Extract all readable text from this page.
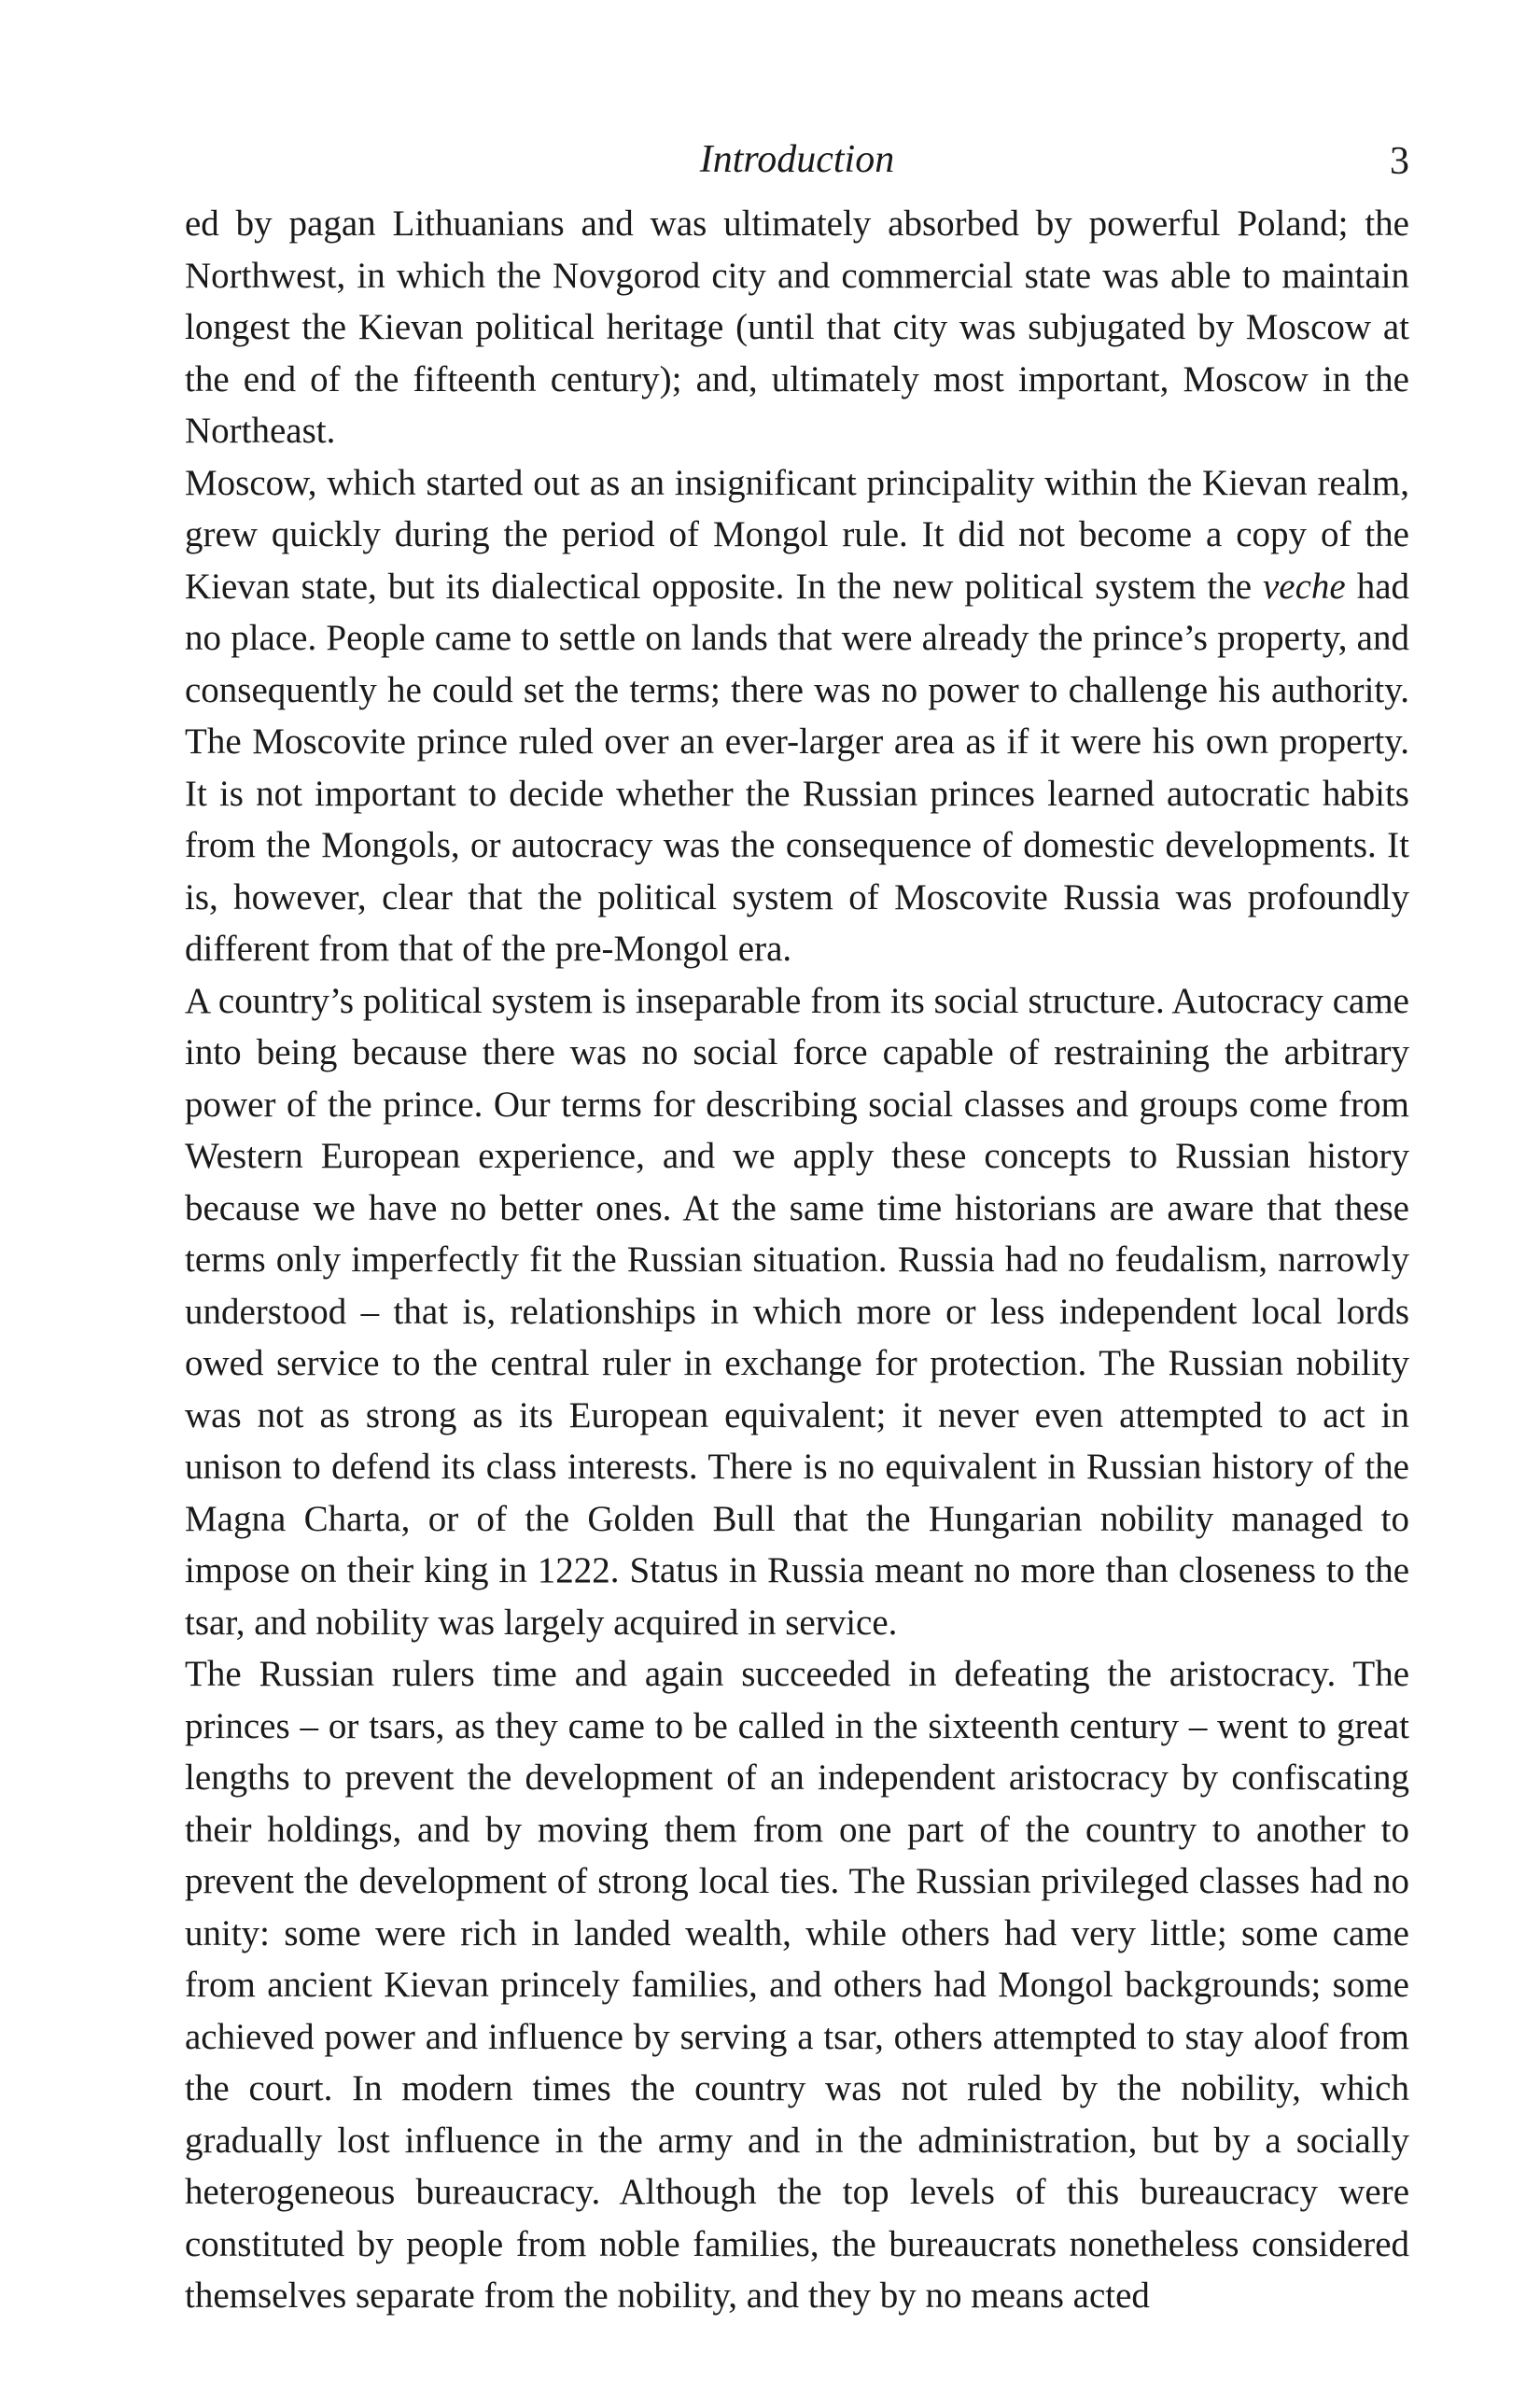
Introduction	3

ed by pagan Lithuanians and was ultimately absorbed by powerful Poland; the Northwest, in which the Novgorod city and commercial state was able to maintain longest the Kievan political heritage (until that city was subjugated by Moscow at the end of the fifteenth century); and, ultimately most important, Moscow in the Northeast.

Moscow, which started out as an insignificant principality within the Kievan realm, grew quickly during the period of Mongol rule. It did not become a copy of the Kievan state, but its dialectical opposite. In the new political system the veche had no place. People came to settle on lands that were already the prince’s property, and consequently he could set the terms; there was no power to challenge his authority. The Moscovite prince ruled over an ever-larger area as if it were his own property. It is not important to decide whether the Russian princes learned autocratic habits from the Mongols, or autocracy was the consequence of domestic developments. It is, however, clear that the political system of Moscovite Russia was profoundly different from that of the pre-Mongol era.

A country’s political system is inseparable from its social structure. Autocracy came into being because there was no social force capable of restraining the arbitrary power of the prince. Our terms for describing social classes and groups come from Western European experience, and we apply these concepts to Russian history because we have no better ones. At the same time historians are aware that these terms only imperfectly fit the Russian situation. Russia had no feudalism, narrowly understood – that is, relationships in which more or less independent local lords owed service to the central ruler in exchange for protection. The Russian nobility was not as strong as its European equivalent; it never even attempted to act in unison to defend its class interests. There is no equivalent in Russian history of the Magna Charta, or of the Golden Bull that the Hungarian nobility managed to impose on their king in 1222. Status in Russia meant no more than closeness to the tsar, and nobility was largely acquired in service.

The Russian rulers time and again succeeded in defeating the aristocracy. The princes – or tsars, as they came to be called in the sixteenth century – went to great lengths to prevent the development of an independent aristocracy by confiscating their holdings, and by moving them from one part of the country to another to prevent the development of strong local ties. The Russian privileged classes had no unity: some were rich in landed wealth, while others had very little; some came from ancient Kievan princely families, and others had Mongol backgrounds; some achieved power and influence by serving a tsar, others attempted to stay aloof from the court. In modern times the country was not ruled by the nobility, which gradually lost influence in the army and in the administration, but by a socially heterogeneous bureaucracy. Although the top levels of this bureaucracy were constituted by people from noble families, the bureaucrats nonetheless considered themselves separate from the nobility, and they by no means acted
